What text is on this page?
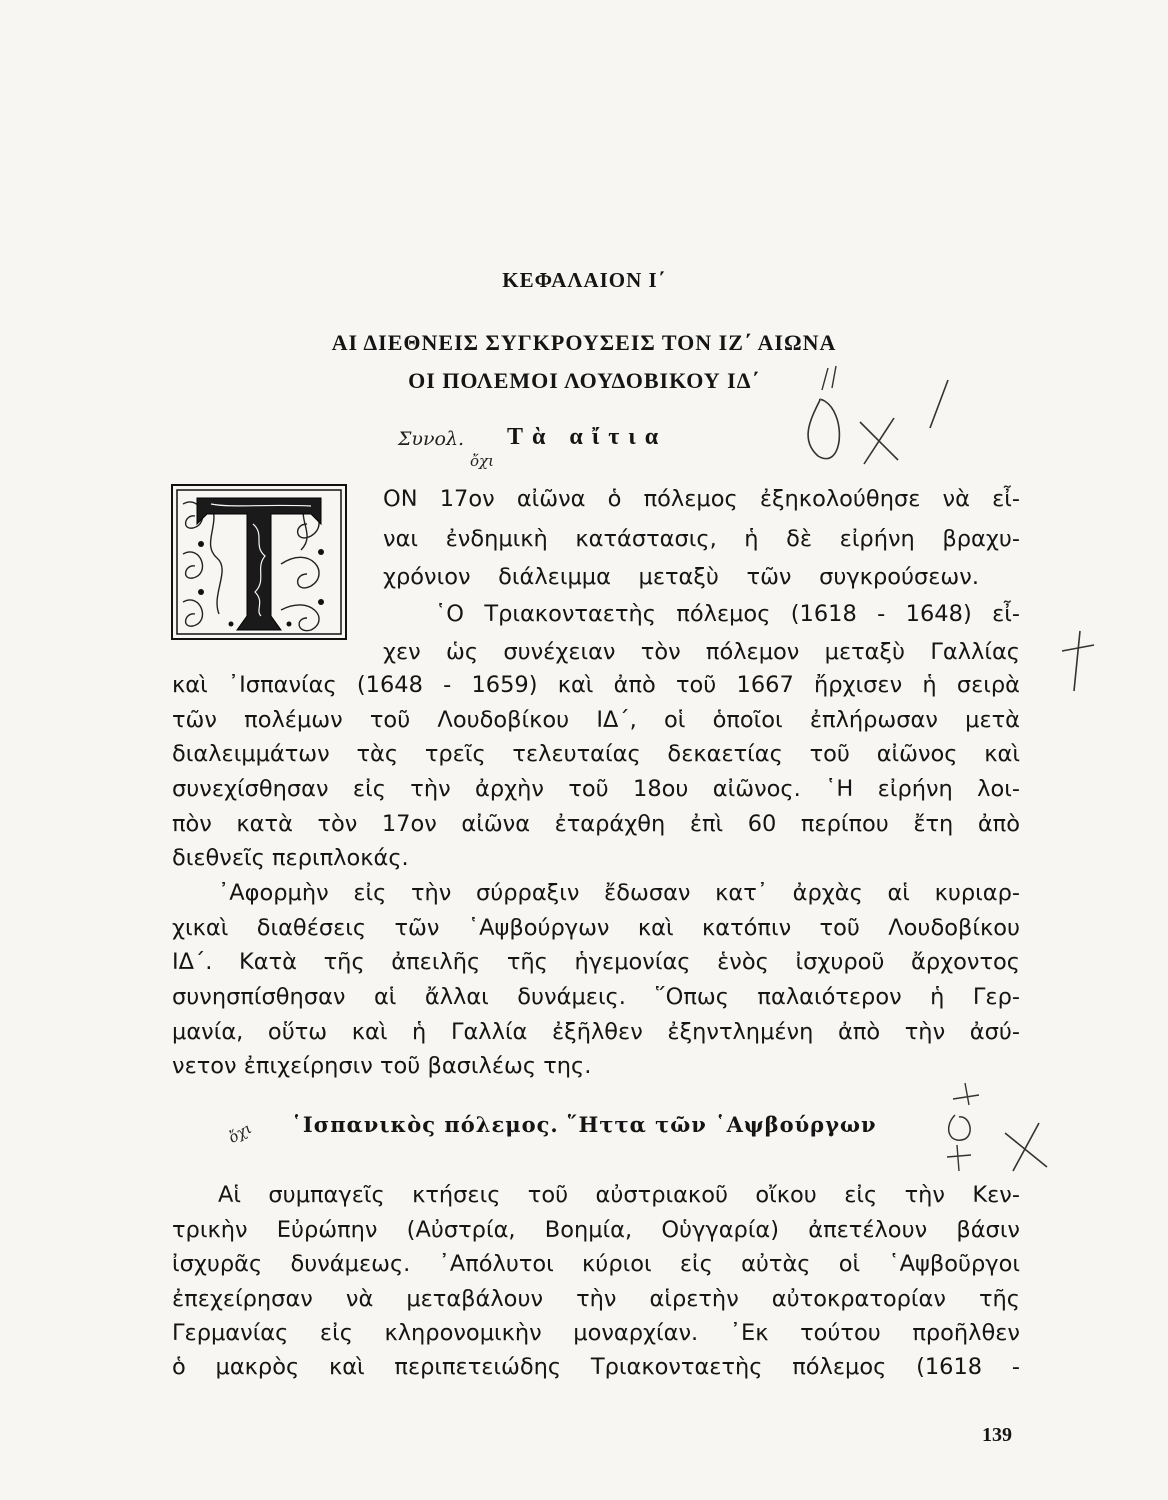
ΚΕΦΑΛΑΙΟΝ Ι΄
ΑΙ ΔΙΕΘΝΕΙΣ ΣΥΓΚΡΟΥΣΕΙΣ ΤΟΝ ΙΖ΄ ΑΙΩΝΑ
ΟΙ ΠΟΛΕΜΟΙ ΛΟΥΔΟΒΙΚΟΥ ΙΔ΄
Συνολ.
ὄχι
Τὰ αἴτια
ΟΝ 17ον αἰῶνα ὁ πόλεμος ἐξηκολούθησε νὰ εἶ-
ναι ἐνδημικὴ κατάστασις, ἡ δὲ εἰρήνη βραχυ-
χρόνιον διάλειμμα μεταξὺ τῶν συγκρούσεων.
῾Ο Τριακονταετὴς πόλεμος (1618 - 1648) εἶ-
χεν ὡς συνέχειαν τὸν πόλεμον μεταξὺ Γαλλίας
καὶ ᾿Ισπανίας (1648 - 1659) καὶ ἀπὸ τοῦ 1667 ἤρχισεν ἡ σειρὰ
τῶν πολέμων τοῦ Λουδοβίκου ΙΔ΄, οἱ ὁποῖοι ἐπλήρωσαν μετὰ
διαλειμμάτων τὰς τρεῖς τελευταίας δεκαετίας τοῦ αἰῶνος καὶ
συνεχίσθησαν εἰς τὴν ἀρχὴν τοῦ 18ου αἰῶνος. ῾Η εἰρήνη λοι-
πὸν κατὰ τὸν 17ον αἰῶνα ἐταράχθη ἐπὶ 60 περίπου ἔτη ἀπὸ
διεθνεῖς περιπλοκάς.
᾿Αφορμὴν εἰς τὴν σύρραξιν ἔδωσαν κατ᾿ ἀρχὰς αἱ κυριαρ-
χικαὶ διαθέσεις τῶν ῾Αψβούργων καὶ κατόπιν τοῦ Λουδοβίκου
ΙΔ΄. Κατὰ τῆς ἀπειλῆς τῆς ἡγεμονίας ἑνὸς ἰσχυροῦ ἄρχοντος
συνησπίσθησαν αἱ ἄλλαι δυνάμεις. ῞Οπως παλαιότερον ἡ Γερ-
μανία, οὕτω καὶ ἡ Γαλλία ἐξῆλθεν ἐξηντλημένη ἀπὸ τὴν ἀσύ-
νετον ἐπιχείρησιν τοῦ βασιλέως της.
ὄχι	῾Ισπανικὸς πόλεμος. ῞Ηττα τῶν ῾Αψβούργων
Αἱ συμπαγεῖς κτήσεις τοῦ αὐστριακοῦ οἴκου εἰς τὴν Κεν-
τρικὴν Εὐρώπην (Αὐστρία, Βοημία, Οὑγγαρία) ἀπετέλουν βάσιν
ἰσχυρᾶς δυνάμεως. ᾿Απόλυτοι κύριοι εἰς αὐτὰς οἱ ῾Αψβοῦργοι
ἐπεχείρησαν νὰ μεταβάλουν τὴν αἱρετὴν αὐτοκρατορίαν τῆς
Γερμανίας εἰς κληρονομικὴν μοναρχίαν. ᾿Εκ τούτου προῆλθεν
ὁ μακρὸς καὶ περιπετειώδης Τριακονταετὴς πόλεμος (1618 -
139
